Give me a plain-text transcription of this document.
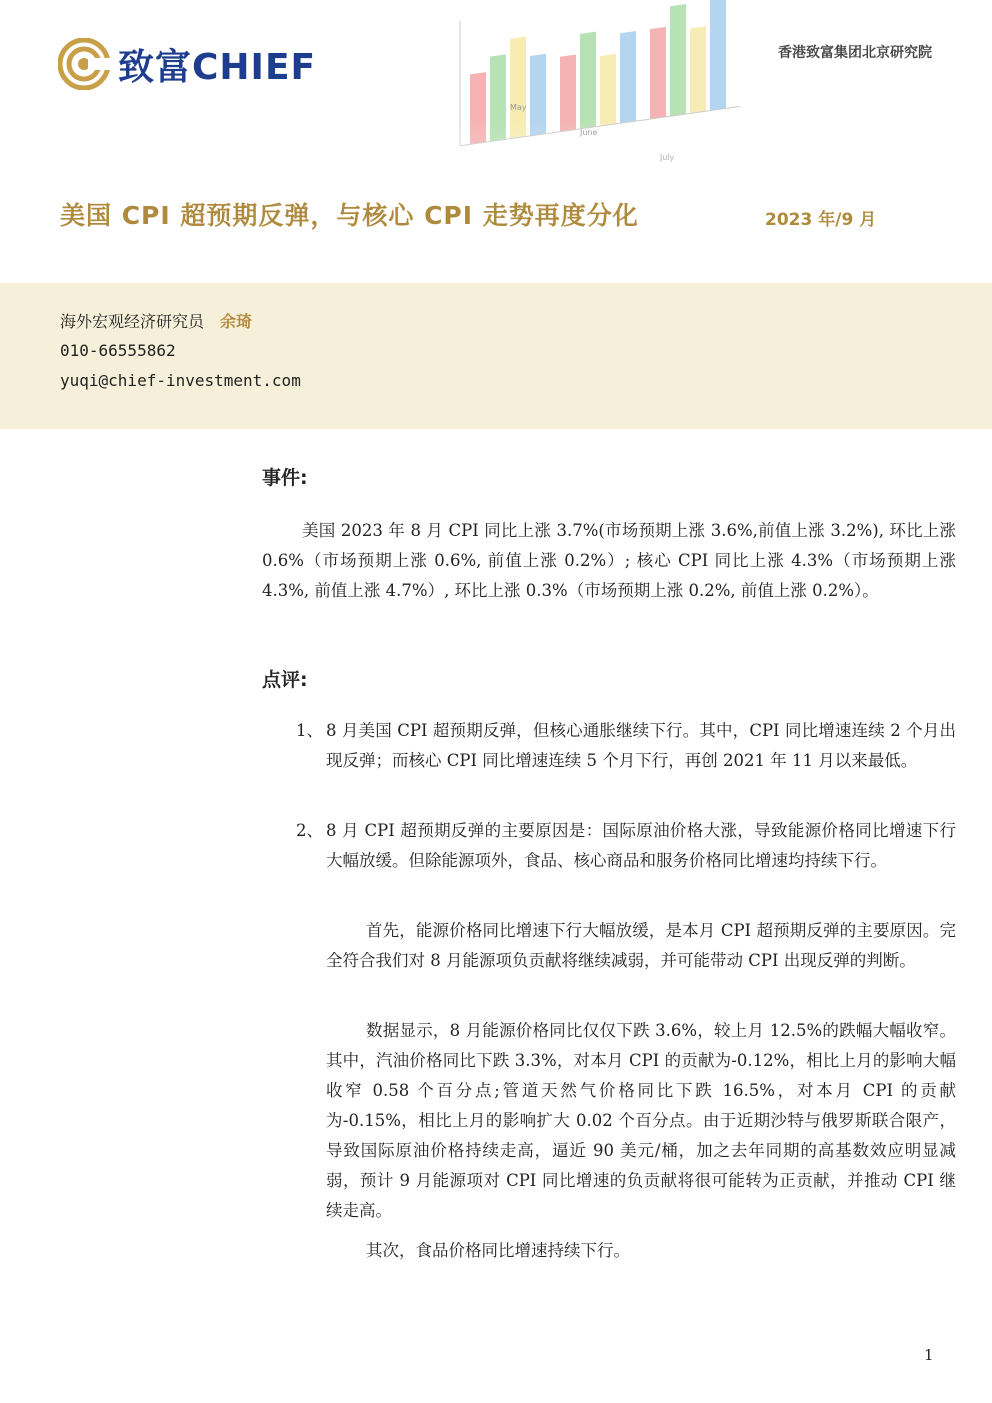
May
致富CHIEF	香港致富集团北京研究院
美国 CPI 超预期反弹，与核心 CPI 走势再度分化	2023 年/9 月
海外宏观经济研究员 余琦
010-66555862
yuqi@chief-investment.com
事件:
美国 2023 年 8 月 CPI 同比上涨 3.7%(市场预期上涨 3.6%,前值上涨 3.2%), 环比上涨 0.6%（市场预期上涨 0.6%, 前值上涨 0.2%）; 核心 CPI 同比上涨 4.3%（市场预期上涨 4.3%, 前值上涨 4.7%）, 环比上涨 0.3%（市场预期上涨 0.2%, 前值上涨 0.2%）。
点评:
1、 8 月美国 CPI 超预期反弹，但核心通胀继续下行。其中，CPI 同比增速连续 2 个月出现反弹；而核心 CPI 同比增速连续 5 个月下行，再创 2021 年 11 月以来最低。
2、 8 月 CPI 超预期反弹的主要原因是：国际原油价格大涨，导致能源价格同比增速下行大幅放缓。但除能源项外，食品、核心商品和服务价格同比增速均持续下行。
首先，能源价格同比增速下行大幅放缓，是本月 CPI 超预期反弹的主要原因。完全符合我们对 8 月能源项负贡献将继续减弱，并可能带动 CPI 出现反弹的判断。
数据显示，8 月能源价格同比仅仅下跌 3.6%，较上月 12.5%的跌幅大幅收窄。其中，汽油价格同比下跌 3.3%，对本月 CPI 的贡献为-0.12%，相比上月的影响大幅收窄 0.58 个百分点;管道天然气价格同比下跌 16.5%，对本月 CPI 的贡献为-0.15%，相比上月的影响扩大 0.02 个百分点。由于近期沙特与俄罗斯联合限产，导致国际原油价格持续走高，逼近 90 美元/桶，加之去年同期的高基数效应明显减弱，预计 9 月能源项对 CPI 同比增速的负贡献将很可能转为正贡献，并推动 CPI 继续走高。
其次，食品价格同比增速持续下行。
1
